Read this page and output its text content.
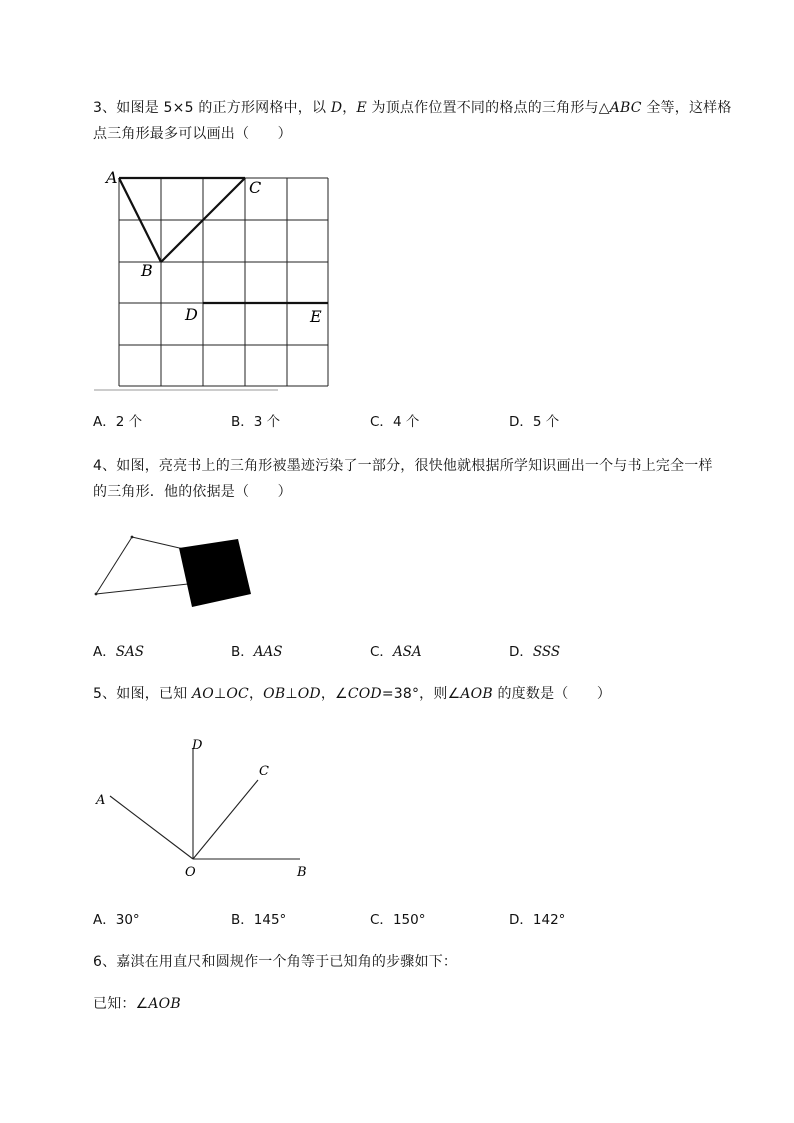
3、如图是 5×5 的正方形网格中，以 D，E 为顶点作位置不同的格点的三角形与△ABC 全等，这样格
点三角形最多可以画出（　　）
A
C
B
D	E
A．2 个	B．3 个	C．4 个	D．5 个
4、如图，亮亮书上的三角形被墨迹污染了一部分，很快他就根据所学知识画出一个与书上完全一样
的三角形．他的依据是（　　）
A．SAS	B．AAS	C．ASA	D．SSS
5、如图，已知 AO⊥OC，OB⊥OD，∠COD=38°，则∠AOB 的度数是（　　）
D
C
A
O	B
A．30°	B．145°	C．150°	D．142°
6、嘉淇在用直尺和圆规作一个角等于已知角的步骤如下：
已知：∠AOB
